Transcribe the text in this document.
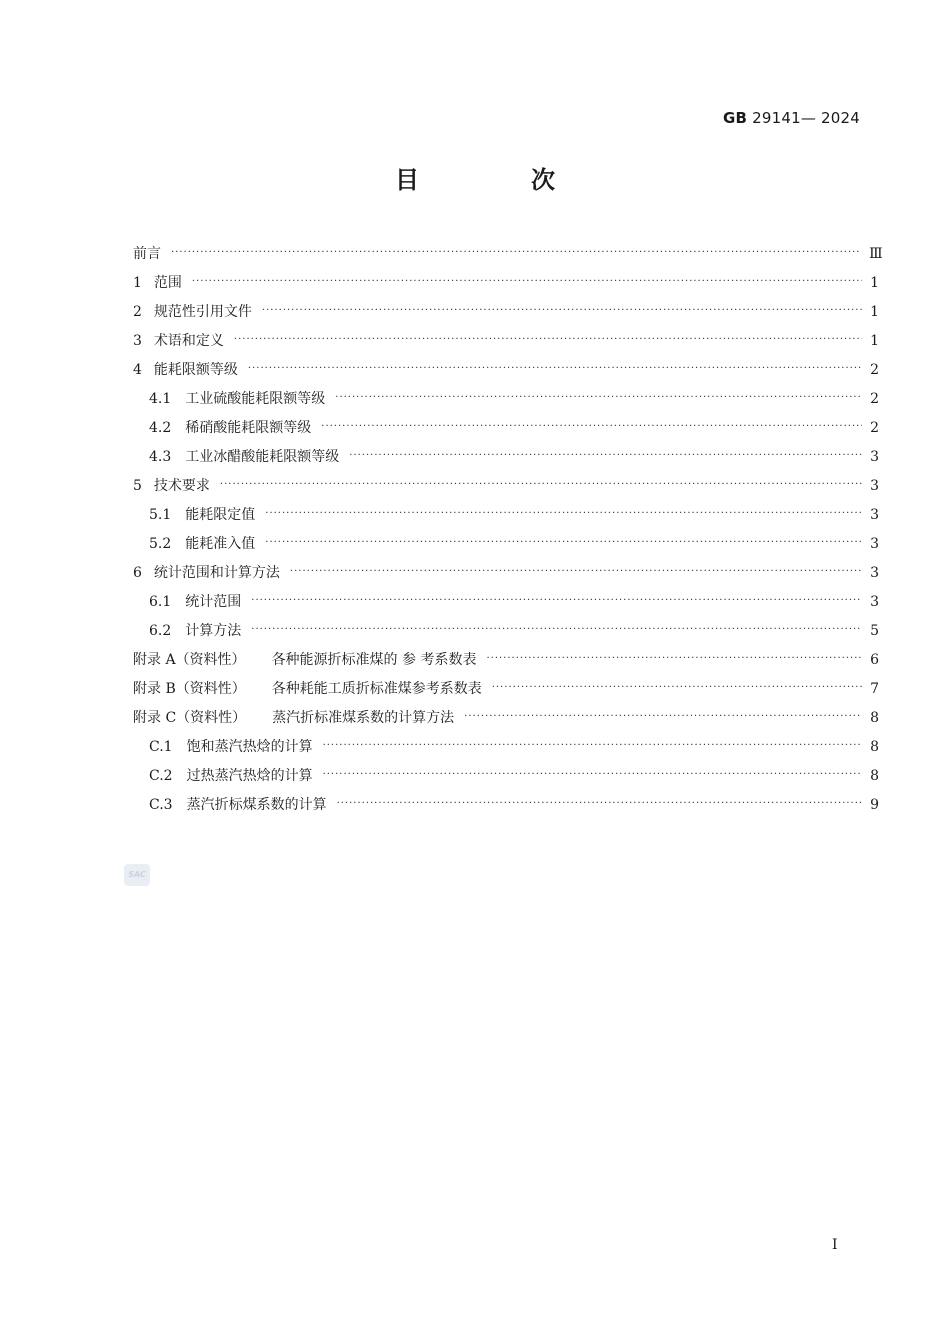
GB 29141— 2024
目　次
前言 ·····	Ⅲ
1 范围 ·····	1
2 规范性引用文件 ·····	1
3 术语和定义 ·····	1
4 能耗限额等级 ·····	2
4.1 工业硫酸能耗限额等级 ·····	2
4.2 稀硝酸能耗限额等级 ·····	2
4.3 工业冰醋酸能耗限额等级 ·····	3
5 技术要求 ·····	3
5.1 能耗限定值 ·····	3
5.2 能耗准入值 ·····	3
6 统计范围和计算方法 ·····	3
6.1 统计范围 ·····	3
6.2 计算方法 ·····	5
附录 A（资料性） 各种能源折标准煤的 参 考系数表 ·····	6
附录 B（资料性） 各种耗能工质折标准煤参考系数表 ·····	7
附录 C（资料性） 蒸汽折标准煤系数的计算方法 ·····	8
C.1 饱和蒸汽热焓的计算 ·····	8
C.2 过热蒸汽热焓的计算 ·····	8
C.3 蒸汽折标煤系数的计算 ·····	9
SAC
I
